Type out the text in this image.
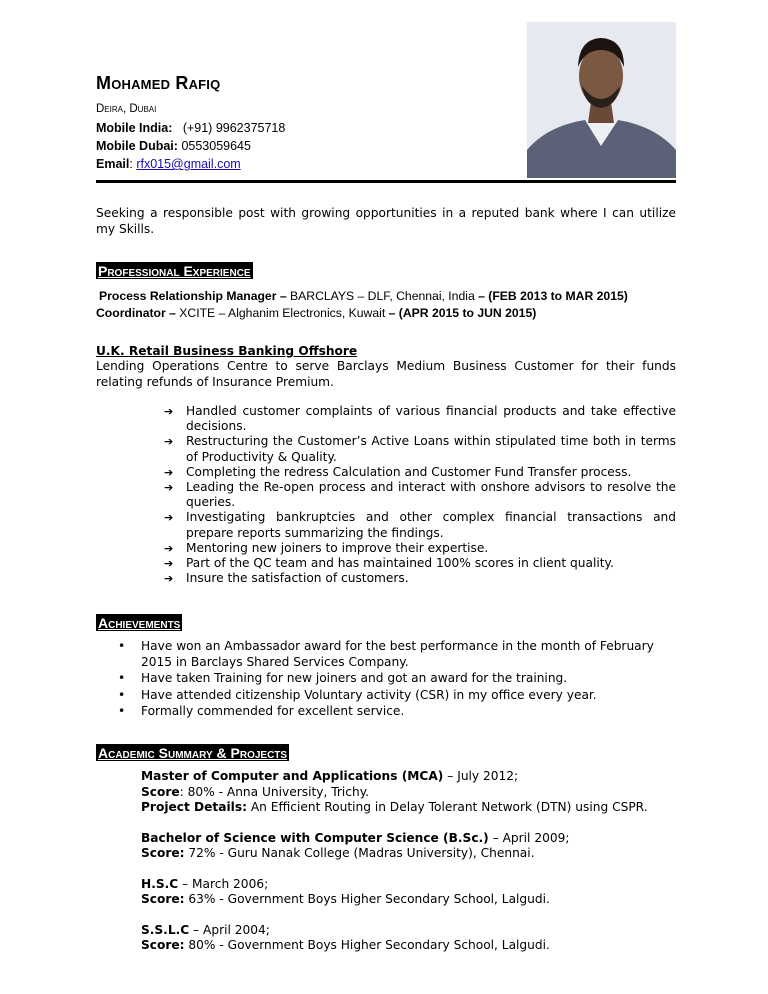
Mohamed Rafiq
Deira, Dubai
Mobile India: (+91) 9962375718
Mobile Dubai: 0553059645
Email: rfx015@gmail.com
Seeking a responsible post with growing opportunities in a reputed bank where I can utilize my Skills.
Professional Experience
Process Relationship Manager – BARCLAYS – DLF, Chennai, India – (FEB 2013 to MAR 2015)
Coordinator – XCITE – Alghanim Electronics, Kuwait – (APR 2015 to JUN 2015)
U.K. Retail Business Banking Offshore
Lending Operations Centre to serve Barclays Medium Business Customer for their funds relating refunds of Insurance Premium.
➔ Handled customer complaints of various financial products and take effective decisions.
➔ Restructuring the Customer’s Active Loans within stipulated time both in terms of Productivity & Quality.
➔ Completing the redress Calculation and Customer Fund Transfer process.
➔ Leading the Re-open process and interact with onshore advisors to resolve the queries.
➔ Investigating bankruptcies and other complex financial transactions and prepare reports summarizing the findings.
➔ Mentoring new joiners to improve their expertise.
➔ Part of the QC team and has maintained 100% scores in client quality.
➔ Insure the satisfaction of customers.
Achievements
• Have won an Ambassador award for the best performance in the month of February 2015 in Barclays Shared Services Company.
• Have taken Training for new joiners and got an award for the training.
• Have attended citizenship Voluntary activity (CSR) in my office every year.
• Formally commended for excellent service.
Academic Summary & Projects
Master of Computer and Applications (MCA) – July 2012;
Score: 80% - Anna University, Trichy.
Project Details: An Efficient Routing in Delay Tolerant Network (DTN) using CSPR.
Bachelor of Science with Computer Science (B.Sc.) – April 2009;
Score: 72% - Guru Nanak College (Madras University), Chennai.
H.S.C – March 2006;
Score: 63% - Government Boys Higher Secondary School, Lalgudi.
S.S.L.C – April 2004;
Score: 80% - Government Boys Higher Secondary School, Lalgudi.
